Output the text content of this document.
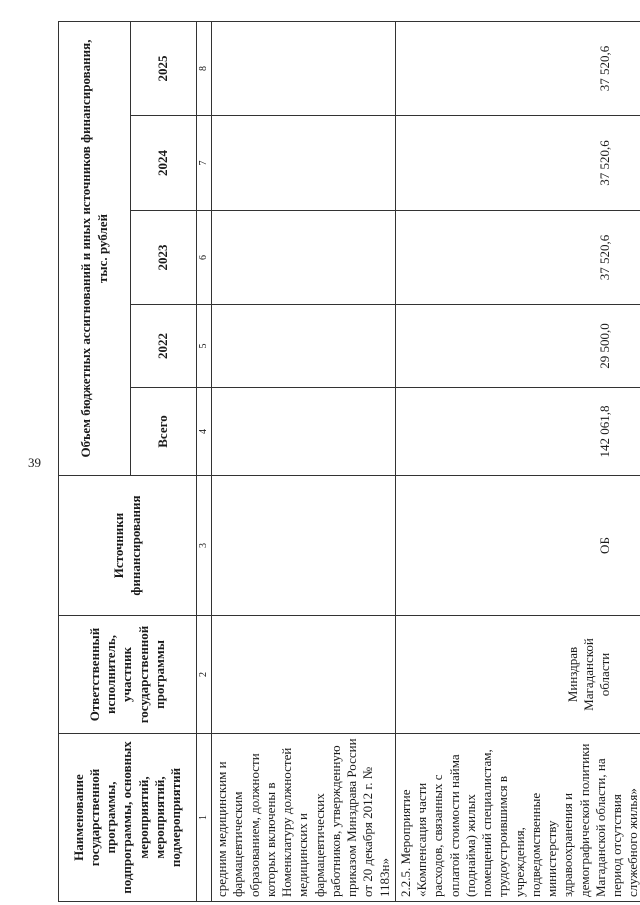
39
Наименование государственной программы, подпрограммы, основных мероприятий, мероприятий, подмероприятий	Ответственный исполнитель, участник государственной программы	Источники финансирования	Объем бюджетных ассигнований и иных источников финансирования, тыс. рублей				
			Всего	2022	2023	2024	2025
1	2	3	4	5	6	7	8
средним медицинским и фармацевтическим образованием, должности которых включены в Номенклатуру должностей медицинских и фармацевтических работников, утвержденную приказом Минздрава России от 20 декабря 2012 г. № 1183н»							
2.2.5. Мероприятие «Компенсация части расходов, связанных с оплатой стоимости найма (поднайма) жилых помещений специалистам, трудоустроившимся в учреждения, подведомственные министерству здравоохранения и демографической политики Магаданской области, на период отсутствия служебного жилья»	Минздрав Магаданской области	ОБ	142 061,8	29 500,0	37 520,6	37 520,6	37 520,6
